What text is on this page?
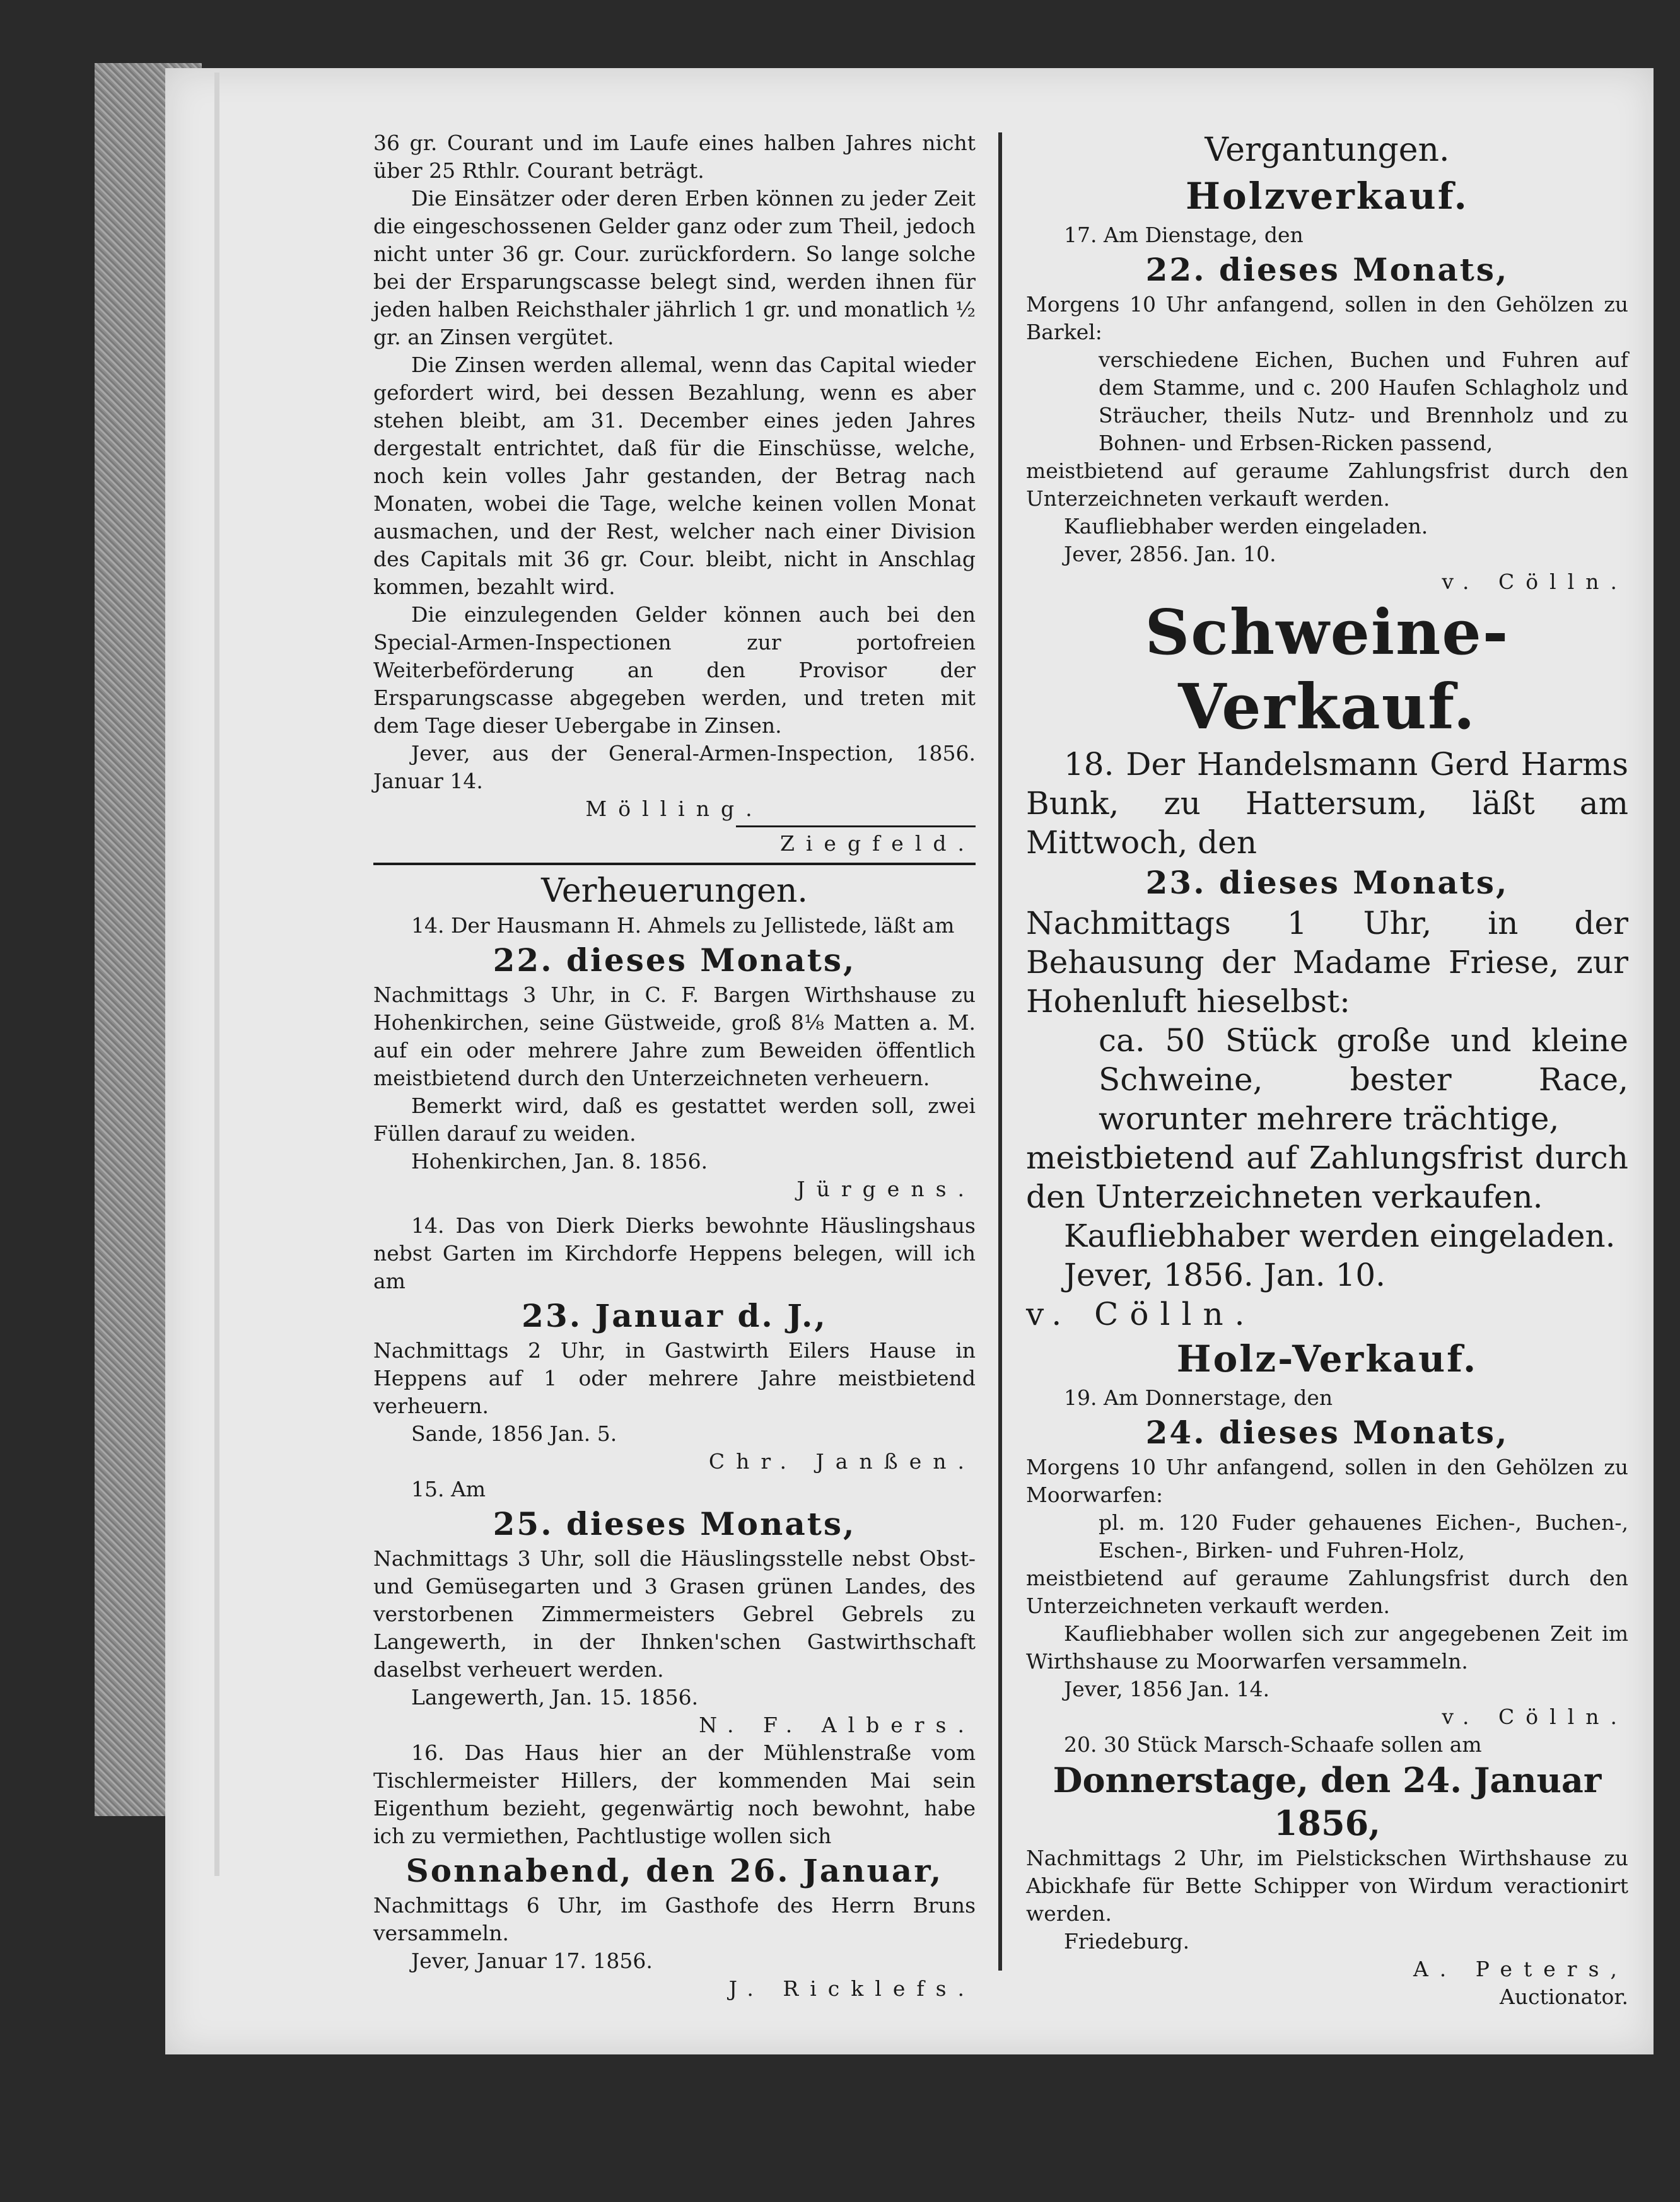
36 gr. Courant und im Laufe eines halben Jahres nicht über 25 Rthlr. Courant beträgt.

Die Einsätzer oder deren Erben können zu jeder Zeit die eingeschossenen Gelder ganz oder zum Theil, jedoch nicht unter 36 gr. Cour. zurückfordern. So lange solche bei der Ersparungscasse belegt sind, werden ihnen für jeden halben Reichsthaler jährlich 1 gr. und monatlich ½ gr. an Zinsen vergütet.

Die Zinsen werden allemal, wenn das Capital wieder gefordert wird, bei dessen Bezahlung, wenn es aber stehen bleibt, am 31. December eines jeden Jahres dergestalt entrichtet, daß für die Einschüsse, welche, noch kein volles Jahr gestanden, der Betrag nach Monaten, wobei die Tage, welche keinen vollen Monat ausmachen, und der Rest, welcher nach einer Division des Capitals mit 36 gr. Cour. bleibt, nicht in Anschlag kommen, bezahlt wird.

Die einzulegenden Gelder können auch bei den Special-Armen-Inspectionen zur portofreien Weiterbeförderung an den Provisor der Ersparungscasse abgegeben werden, und treten mit dem Tage dieser Uebergabe in Zinsen.

Jever, aus der General-Armen-Inspection, 1856. Januar 14.

Mölling.

Ziegfeld.

Verheuerungen.

14. Der Hausmann H. Ahmels zu Jellistede, läßt am

22. dieses Monats,

Nachmittags 3 Uhr, in C. F. Bargen Wirthshause zu Hohenkirchen, seine Güstweide, groß 8⅛ Matten a. M. auf ein oder mehrere Jahre zum Beweiden öffentlich meistbietend durch den Unterzeichneten verheuern.

Bemerkt wird, daß es gestattet werden soll, zwei Füllen darauf zu weiden.

Hohenkirchen, Jan. 8. 1856.

Jürgens.

14. Das von Dierk Dierks bewohnte Häuslingshaus nebst Garten im Kirchdorfe Heppens belegen, will ich am

23. Januar d. J.,

Nachmittags 2 Uhr, in Gastwirth Eilers Hause in Heppens auf 1 oder mehrere Jahre meistbietend verheuern.

Sande, 1856 Jan. 5.

Chr. Janßen.

15. Am

25. dieses Monats,

Nachmittags 3 Uhr, soll die Häuslingsstelle nebst Obst- und Gemüsegarten und 3 Grasen grünen Landes, des verstorbenen Zimmermeisters Gebrel Gebrels zu Langewerth, in der Ihnken'schen Gastwirthschaft daselbst verheuert werden.

Langewerth, Jan. 15. 1856.

N. F. Albers.

16. Das Haus hier an der Mühlenstraße vom Tischlermeister Hillers, der kommenden Mai sein Eigenthum bezieht, gegenwärtig noch bewohnt, habe ich zu vermiethen, Pachtlustige wollen sich

Sonnabend, den 26. Januar,

Nachmittags 6 Uhr, im Gasthofe des Herrn Bruns versammeln.

Jever, Januar 17. 1856.

J. Ricklefs.

Vergantungen.

Holzverkauf.

17. Am Dienstage, den

22. dieses Monats,

Morgens 10 Uhr anfangend, sollen in den Gehölzen zu Barkel:

verschiedene Eichen, Buchen und Fuhren auf dem Stamme, und c. 200 Haufen Schlagholz und Sträucher, theils Nutz- und Brennholz und zu Bohnen- und Erbsen-Ricken passend,

meistbietend auf geraume Zahlungsfrist durch den Unterzeichneten verkauft werden.

Kaufliebhaber werden eingeladen.

Jever, 2856. Jan. 10.

v. Cölln.

Schweine-Verkauf.

18. Der Handelsmann Gerd Harms Bunk, zu Hattersum, läßt am Mittwoch, den

23. dieses Monats,

Nachmittags 1 Uhr, in der Behausung der Madame Friese, zur Hohenluft hieselbst:

ca. 50 Stück große und kleine Schweine, bester Race, worunter mehrere trächtige,

meistbietend auf Zahlungsfrist durch den Unterzeichneten verkaufen.

Kaufliebhaber werden eingeladen.

Jever, 1856. Jan. 10.

v. Cölln.

Holz-Verkauf.

19. Am Donnerstage, den

24. dieses Monats,

Morgens 10 Uhr anfangend, sollen in den Gehölzen zu Moorwarfen:

pl. m. 120 Fuder gehauenes Eichen-, Buchen-, Eschen-, Birken- und Fuhren-Holz,

meistbietend auf geraume Zahlungsfrist durch den Unterzeichneten verkauft werden.

Kaufliebhaber wollen sich zur angegebenen Zeit im Wirthshause zu Moorwarfen versammeln.

Jever, 1856 Jan. 14.

v. Cölln.

20. 30 Stück Marsch-Schaafe sollen am

Donnerstage, den 24. Januar 1856,

Nachmittags 2 Uhr, im Pielstickschen Wirthshause zu Abickhafe für Bette Schipper von Wirdum veractionirt werden.

Friedeburg.

A. Peters,

Auctionator.
